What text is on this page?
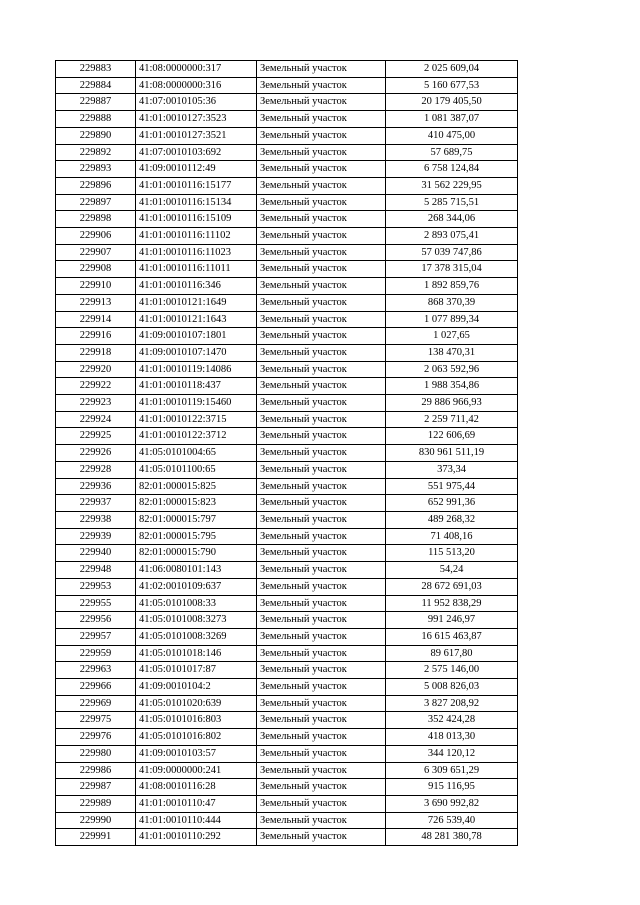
229883	41:08:0000000:317	Земельный участок	2 025 609,04
229884	41:08:0000000:316	Земельный участок	5 160 677,53
229887	41:07:0010105:36	Земельный участок	20 179 405,50
229888	41:01:0010127:3523	Земельный участок	1 081 387,07
229890	41:01:0010127:3521	Земельный участок	410 475,00
229892	41:07:0010103:692	Земельный участок	57 689,75
229893	41:09:0010112:49	Земельный участок	6 758 124,84
229896	41:01:0010116:15177	Земельный участок	31 562 229,95
229897	41:01:0010116:15134	Земельный участок	5 285 715,51
229898	41:01:0010116:15109	Земельный участок	268 344,06
229906	41:01:0010116:11102	Земельный участок	2 893 075,41
229907	41:01:0010116:11023	Земельный участок	57 039 747,86
229908	41:01:0010116:11011	Земельный участок	17 378 315,04
229910	41:01:0010116:346	Земельный участок	1 892 859,76
229913	41:01:0010121:1649	Земельный участок	868 370,39
229914	41:01:0010121:1643	Земельный участок	1 077 899,34
229916	41:09:0010107:1801	Земельный участок	1 027,65
229918	41:09:0010107:1470	Земельный участок	138 470,31
229920	41:01:0010119:14086	Земельный участок	2 063 592,96
229922	41:01:0010118:437	Земельный участок	1 988 354,86
229923	41:01:0010119:15460	Земельный участок	29 886 966,93
229924	41:01:0010122:3715	Земельный участок	2 259 711,42
229925	41:01:0010122:3712	Земельный участок	122 606,69
229926	41:05:0101004:65	Земельный участок	830 961 511,19
229928	41:05:0101100:65	Земельный участок	373,34
229936	82:01:000015:825	Земельный участок	551 975,44
229937	82:01:000015:823	Земельный участок	652 991,36
229938	82:01:000015:797	Земельный участок	489 268,32
229939	82:01:000015:795	Земельный участок	71 408,16
229940	82:01:000015:790	Земельный участок	115 513,20
229948	41:06:0080101:143	Земельный участок	54,24
229953	41:02:0010109:637	Земельный участок	28 672 691,03
229955	41:05:0101008:33	Земельный участок	11 952 838,29
229956	41:05:0101008:3273	Земельный участок	991 246,97
229957	41:05:0101008:3269	Земельный участок	16 615 463,87
229959	41:05:0101018:146	Земельный участок	89 617,80
229963	41:05:0101017:87	Земельный участок	2 575 146,00
229966	41:09:0010104:2	Земельный участок	5 008 826,03
229969	41:05:0101020:639	Земельный участок	3 827 208,92
229975	41:05:0101016:803	Земельный участок	352 424,28
229976	41:05:0101016:802	Земельный участок	418 013,30
229980	41:09:0010103:57	Земельный участок	344 120,12
229986	41:09:0000000:241	Земельный участок	6 309 651,29
229987	41:08:0010116:28	Земельный участок	915 116,95
229989	41:01:0010110:47	Земельный участок	3 690 992,82
229990	41:01:0010110:444	Земельный участок	726 539,40
229991	41:01:0010110:292	Земельный участок	48 281 380,78
